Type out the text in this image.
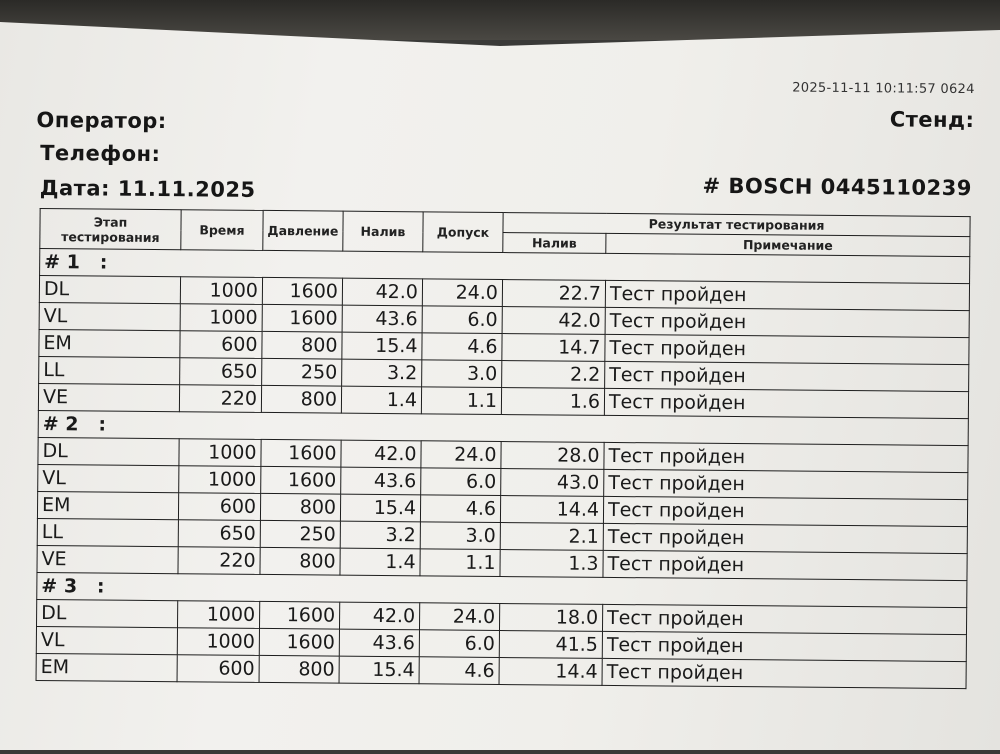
2025-11-11 10:11:57 0624
Оператор:
Телефон:
Дата: 11.11.2025
Стенд:
# BOSCH 0445110239
Этап тестирования	Время	Давление	Налив	Допуск	Результат тестирования	
					Налив	Примечание
# 1   :						
DL	1000	1600	42.0	24.0	22.7	Тест пройден
VL	1000	1600	43.6	6.0	42.0	Тест пройден
EM	600	800	15.4	4.6	14.7	Тест пройден
LL	650	250	3.2	3.0	2.2	Тест пройден
VE	220	800	1.4	1.1	1.6	Тест пройден
# 2   :						
DL	1000	1600	42.0	24.0	28.0	Тест пройден
VL	1000	1600	43.6	6.0	43.0	Тест пройден
EM	600	800	15.4	4.6	14.4	Тест пройден
LL	650	250	3.2	3.0	2.1	Тест пройден
VE	220	800	1.4	1.1	1.3	Тест пройден
# 3   :						
DL	1000	1600	42.0	24.0	18.0	Тест пройден
VL	1000	1600	43.6	6.0	41.5	Тест пройден
EM	600	800	15.4	4.6	14.4	Тест пройден
